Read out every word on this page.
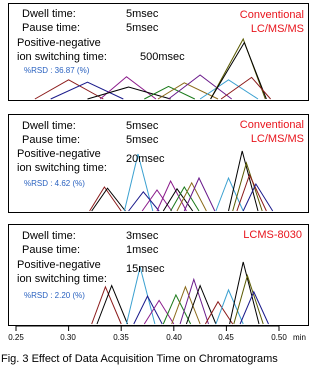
Dwell time:	5msec
Pause time:	5msec
Positive-negative
ion switching time:	500msec
%RSD : 36.87 (%)
Conventional
LC/MS/MS
Dwell time:	5msec
Pause time:	5msec
Positive-negative
ion switching time:
20msec
%RSD : 4.62 (%)
Conventional
LC/MS/MS
Dwell time:	3msec
Pause time:	1msec
Positive-negative
ion switching time:
15msec
%RSD : 2.20 (%)
LCMS-8030
0.25	0.30	0.35	0.40	0.45	0.50 min
Fig. 3 Effect of Data Acquisition Time on Chromatograms
